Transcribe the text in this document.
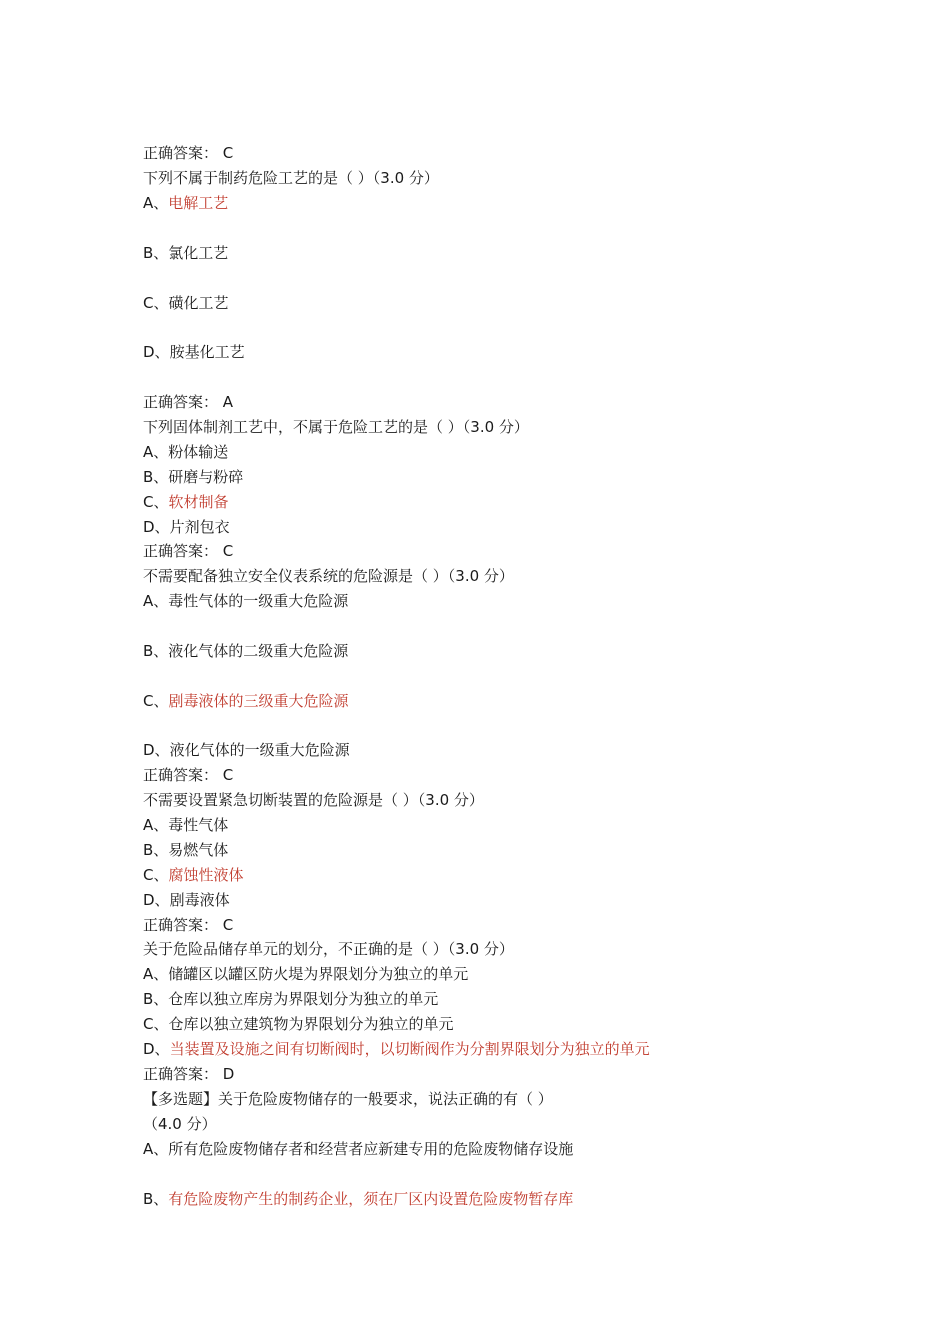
正确答案： C
下列不属于制药危险工艺的是（ ）（3.0 分）
A、电解工艺
B、氯化工艺
C、磺化工艺
D、胺基化工艺
正确答案： A
下列固体制剂工艺中，不属于危险工艺的是（ ）（3.0 分）
A、粉体输送
B、研磨与粉碎
C、软材制备
D、片剂包衣
正确答案： C
不需要配备独立安全仪表系统的危险源是（ ）（3.0 分）
A、毒性气体的一级重大危险源
B、液化气体的二级重大危险源
C、剧毒液体的三级重大危险源
D、液化气体的一级重大危险源
正确答案： C
不需要设置紧急切断装置的危险源是（ ）（3.0 分）
A、毒性气体
B、易燃气体
C、腐蚀性液体
D、剧毒液体
正确答案： C
关于危险品储存单元的划分，不正确的是（ ）（3.0 分）
A、储罐区以罐区防火堤为界限划分为独立的单元
B、仓库以独立库房为界限划分为独立的单元
C、仓库以独立建筑物为界限划分为独立的单元
D、当装置及设施之间有切断阀时，以切断阀作为分割界限划分为独立的单元
正确答案： D
【多选题】关于危险废物储存的一般要求，说法正确的有（ ）
（4.0 分）
A、所有危险废物储存者和经营者应新建专用的危险废物储存设施
B、有危险废物产生的制药企业，须在厂区内设置危险废物暂存库
